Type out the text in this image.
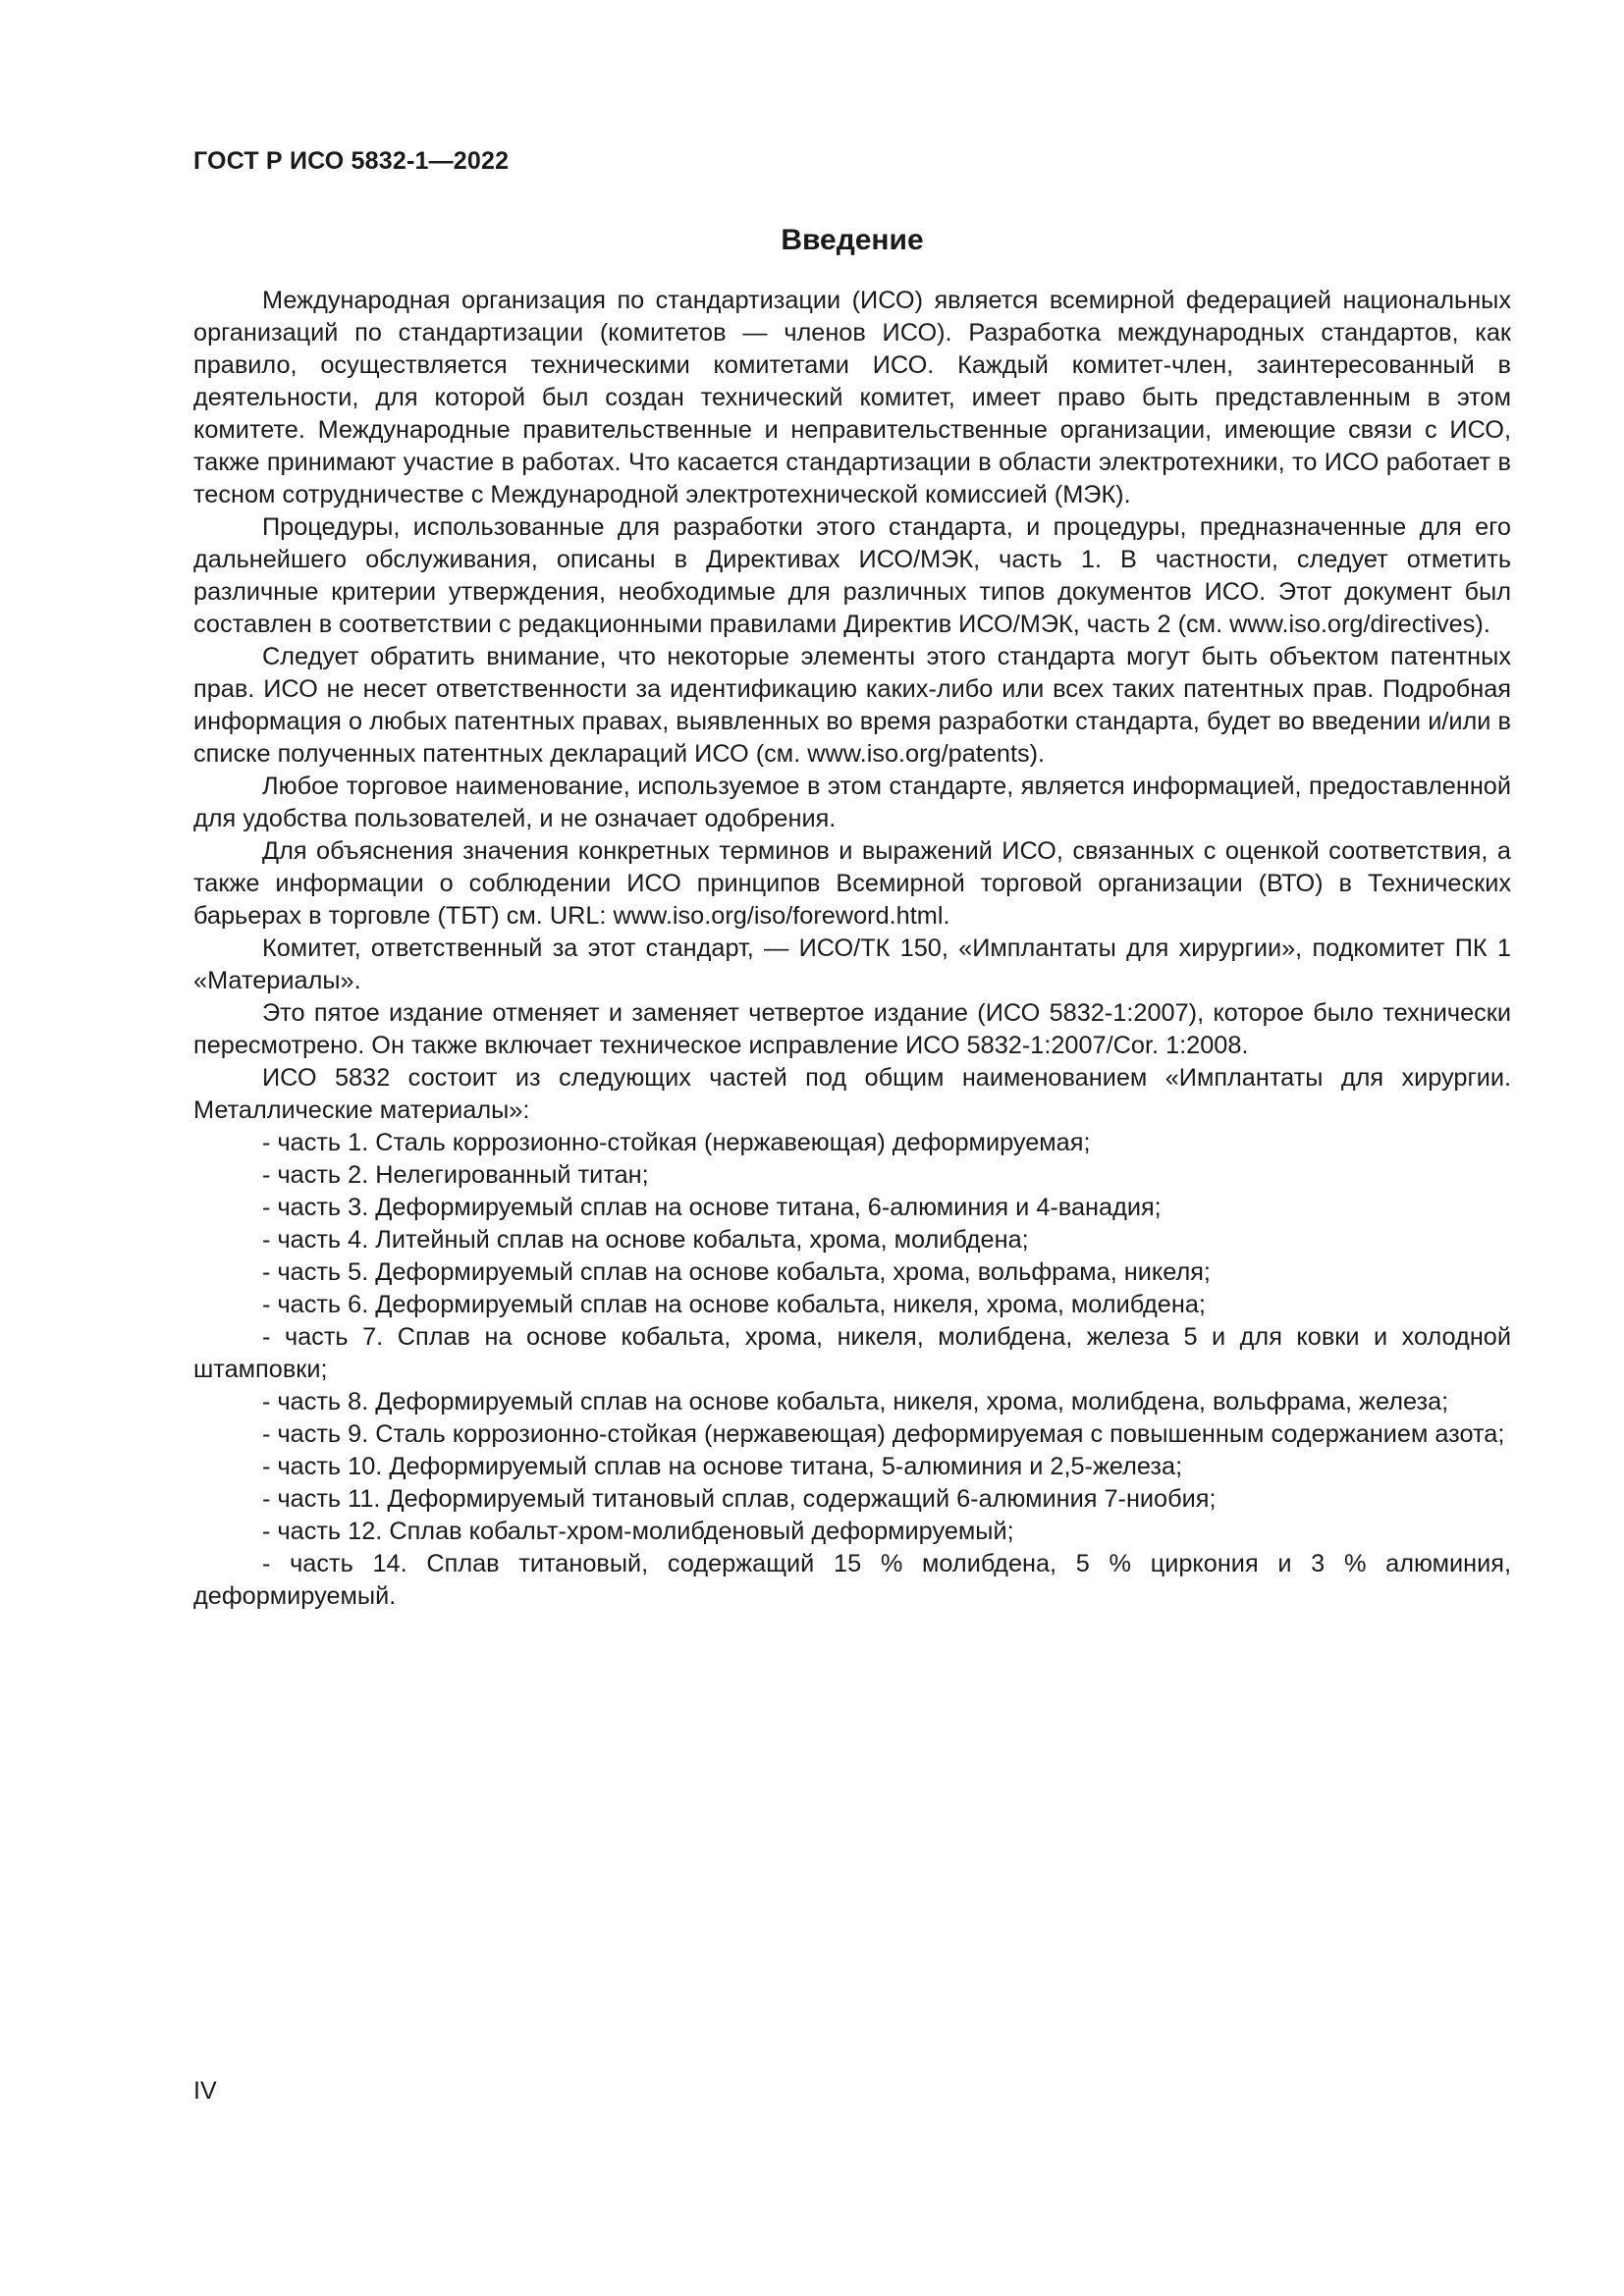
ГОСТ Р ИСО 5832-1—2022
Введение

Международная организация по стандартизации (ИСО) является всемирной федерацией национальных организаций по стандартизации (комитетов — членов ИСО). Разработка международных стандартов, как правило, осуществляется техническими комитетами ИСО. Каждый комитет-член, заинтересованный в деятельности, для которой был создан технический комитет, имеет право быть представленным в этом комитете. Международные правительственные и неправительственные организации, имеющие связи с ИСО, также принимают участие в работах. Что касается стандартизации в области электротехники, то ИСО работает в тесном сотрудничестве с Международной электротехнической комиссией (МЭК).

Процедуры, использованные для разработки этого стандарта, и процедуры, предназначенные для его дальнейшего обслуживания, описаны в Директивах ИСО/МЭК, часть 1. В частности, следует отметить различные критерии утверждения, необходимые для различных типов документов ИСО. Этот документ был составлен в соответствии с редакционными правилами Директив ИСО/МЭК, часть 2 (см. www.iso.org/directives).

Следует обратить внимание, что некоторые элементы этого стандарта могут быть объектом патентных прав. ИСО не несет ответственности за идентификацию каких-либо или всех таких патентных прав. Подробная информация о любых патентных правах, выявленных во время разработки стандарта, будет во введении и/или в списке полученных патентных деклараций ИСО (см. www.iso.org/patents).

Любое торговое наименование, используемое в этом стандарте, является информацией, предоставленной для удобства пользователей, и не означает одобрения.

Для объяснения значения конкретных терминов и выражений ИСО, связанных с оценкой соответствия, а также информации о соблюдении ИСО принципов Всемирной торговой организации (ВТО) в Технических барьерах в торговле (ТБТ) см. URL: www.iso.org/iso/foreword.html.

Комитет, ответственный за этот стандарт, — ИСО/ТК 150, «Имплантаты для хирургии», подкомитет ПК 1 «Материалы».

Это пятое издание отменяет и заменяет четвертое издание (ИСО 5832-1:2007), которое было технически пересмотрено. Он также включает техническое исправление ИСО 5832-1:2007/Cor. 1:2008.

ИСО 5832 состоит из следующих частей под общим наименованием «Имплантаты для хирургии. Металлические материалы»:

- часть 1. Сталь коррозионно-стойкая (нержавеющая) деформируемая;

- часть 2. Нелегированный титан;

- часть 3. Деформируемый сплав на основе титана, 6-алюминия и 4-ванадия;

- часть 4. Литейный сплав на основе кобальта, хрома, молибдена;

- часть 5. Деформируемый сплав на основе кобальта, хрома, вольфрама, никеля;

- часть 6. Деформируемый сплав на основе кобальта, никеля, хрома, молибдена;

- часть 7. Сплав на основе кобальта, хрома, никеля, молибдена, железа 5 и для ковки и холодной штамповки;

- часть 8. Деформируемый сплав на основе кобальта, никеля, хрома, молибдена, вольфрама, железа;

- часть 9. Сталь коррозионно-стойкая (нержавеющая) деформируемая с повышенным содержанием азота;

- часть 10. Деформируемый сплав на основе титана, 5-алюминия и 2,5-железа;

- часть 11. Деформируемый титановый сплав, содержащий 6-алюминия 7-ниобия;

- часть 12. Сплав кобальт-хром-молибденовый деформируемый;

- часть 14. Сплав титановый, содержащий 15 % молибдена, 5 % циркония и 3 % алюминия, деформируемый.

IV
